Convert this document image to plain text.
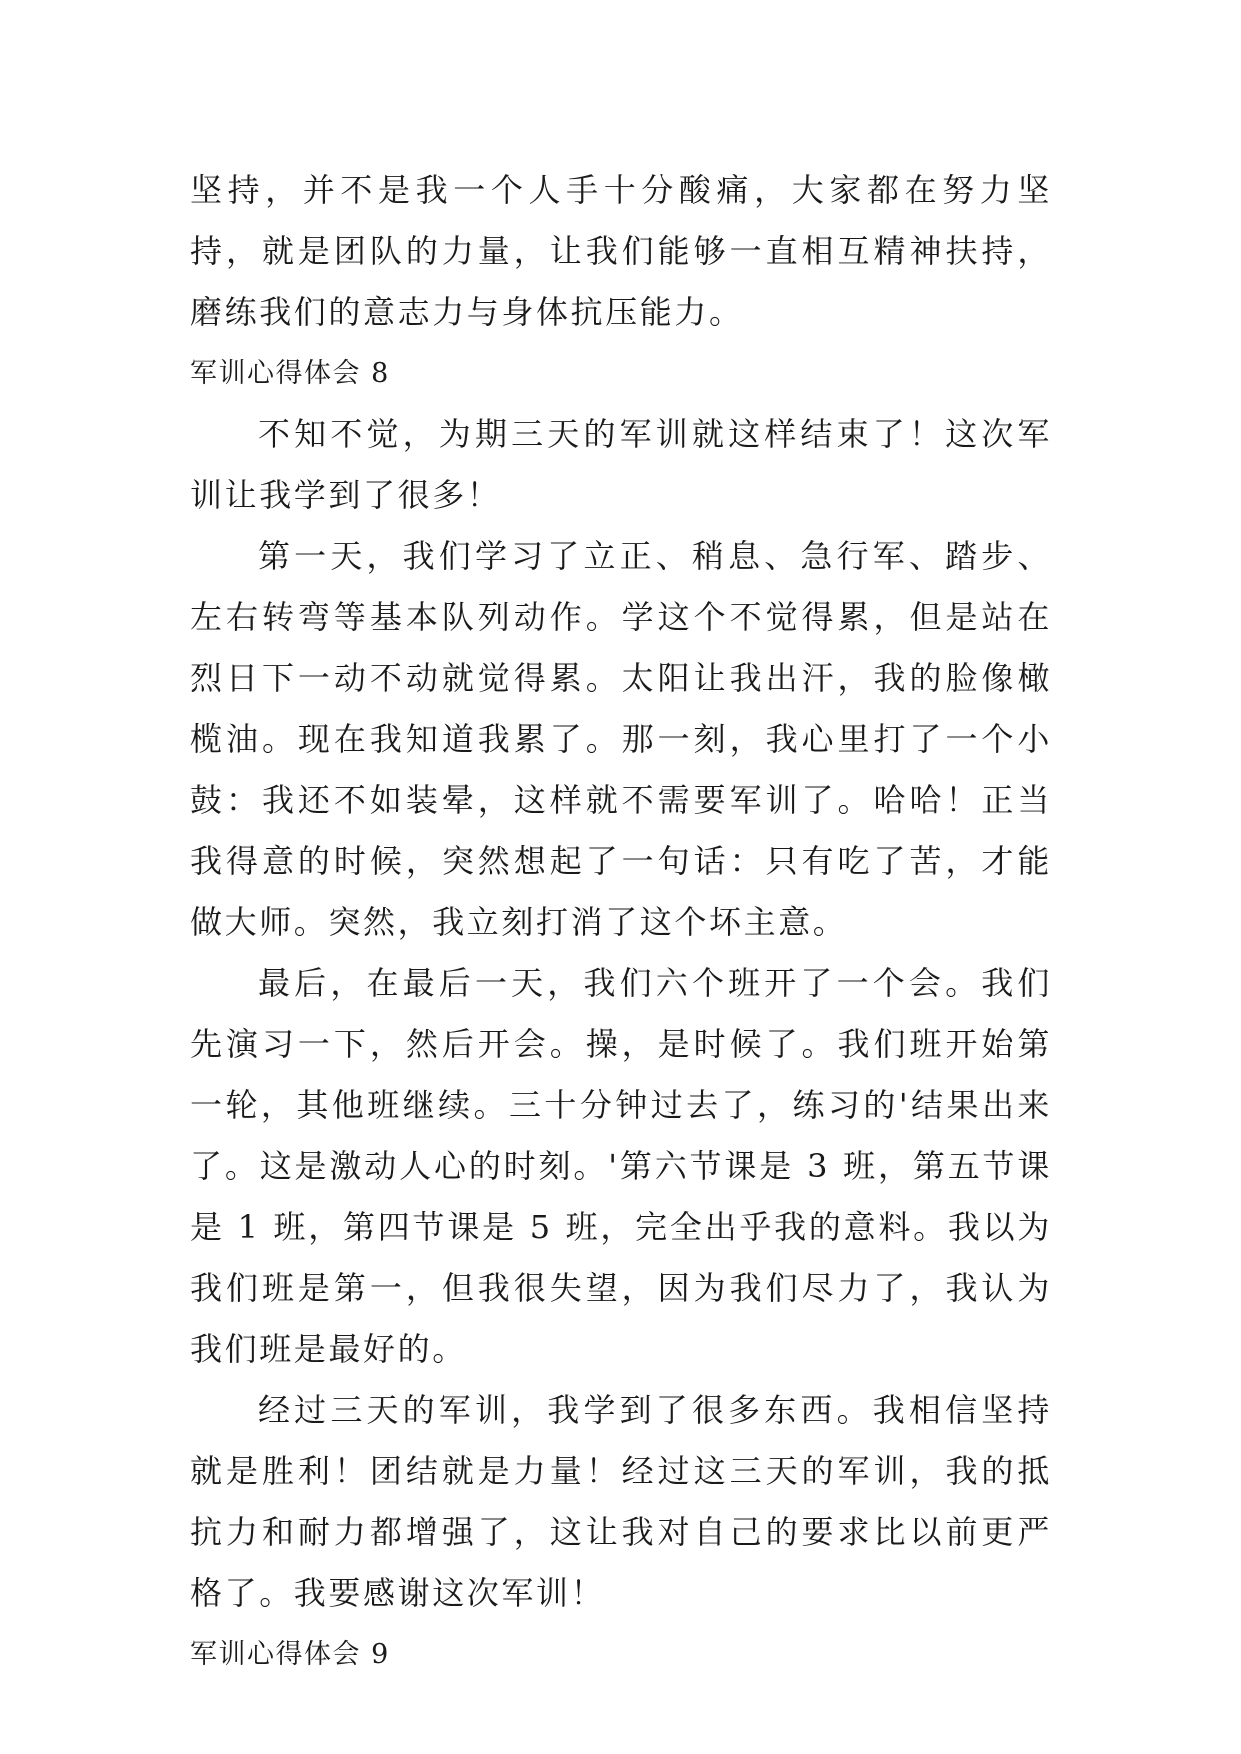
坚持，并不是我一个人手十分酸痛，大家都在努力坚持，就是团队的力量，让我们能够一直相互精神扶持，磨练我们的意志力与身体抗压能力。

军训心得体会 8

不知不觉，为期三天的军训就这样结束了！这次军训让我学到了很多！

第一天，我们学习了立正、稍息、急行军、踏步、左右转弯等基本队列动作。学这个不觉得累，但是站在烈日下一动不动就觉得累。太阳让我出汗，我的脸像橄榄油。现在我知道我累了。那一刻，我心里打了一个小鼓：我还不如装晕，这样就不需要军训了。哈哈！正当我得意的时候，突然想起了一句话：只有吃了苦，才能做大师。突然，我立刻打消了这个坏主意。

最后，在最后一天，我们六个班开了一个会。我们先演习一下，然后开会。操，是时候了。我们班开始第一轮，其他班继续。三十分钟过去了，练习的'结果出来了。这是激动人心的时刻。'第六节课是 3 班，第五节课是 1 班，第四节课是 5 班，完全出乎我的意料。我以为我们班是第一，但我很失望，因为我们尽力了，我认为我们班是最好的。

经过三天的军训，我学到了很多东西。我相信坚持就是胜利！团结就是力量！经过这三天的军训，我的抵抗力和耐力都增强了，这让我对自己的要求比以前更严格了。我要感谢这次军训！

军训心得体会 9
